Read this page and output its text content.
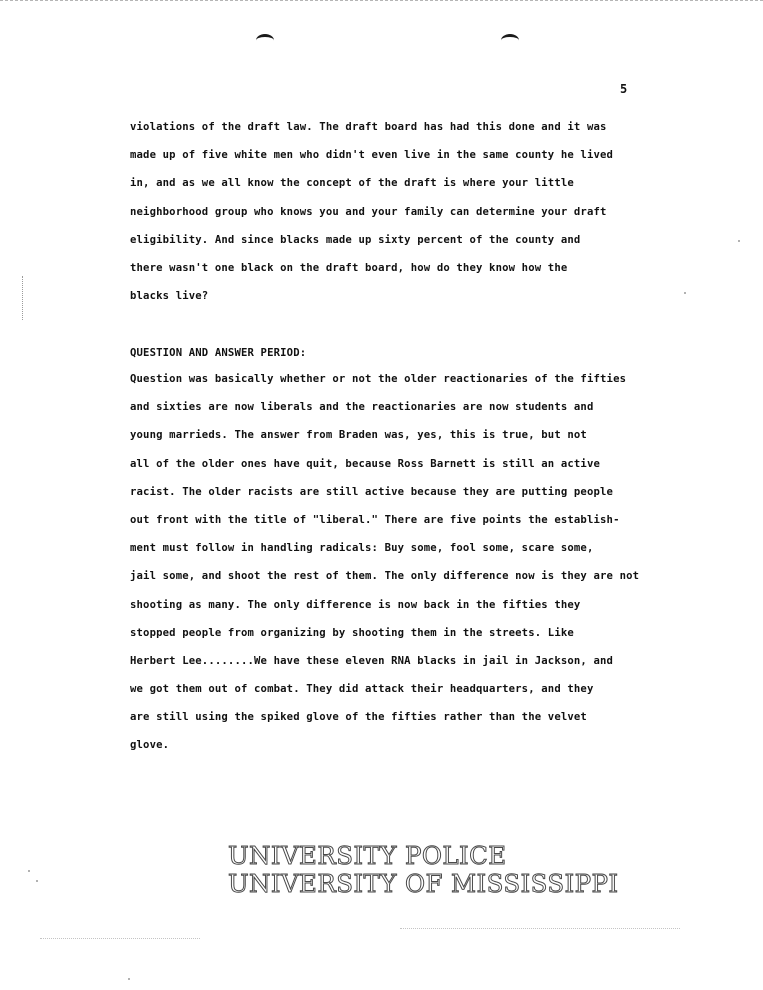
5
violations of the draft law. The draft board has had this done and it was
made up of five white men who didn't even live in the same county he lived
in, and as we all know the concept of the draft is where your little
neighborhood group who knows you and your family can determine your draft
eligibility. And since blacks made up sixty percent of the county and
there wasn't one black on the draft board, how do they know how the
blacks live?
QUESTION AND ANSWER PERIOD:
Question was basically whether or not the older reactionaries of the fifties
and sixties are now liberals and the reactionaries are now students and
young marrieds. The answer from Braden was, yes, this is true, but not
all of the older ones have quit, because Ross Barnett is still an active
racist. The older racists are still active because they are putting people
out front with the title of "liberal." There are five points the establish-
ment must follow in handling radicals: Buy some, fool some, scare some,
jail some, and shoot the rest of them. The only difference now is they are not
shooting as many. The only difference is now back in the fifties they
stopped people from organizing by shooting them in the streets. Like
Herbert Lee........We have these eleven RNA blacks in jail in Jackson, and
we got them out of combat. They did attack their headquarters, and they
are still using the spiked glove of the fifties rather than the velvet
glove.
UNIVERSITY POLICE
UNIVERSITY OF MISSISSIPPI
